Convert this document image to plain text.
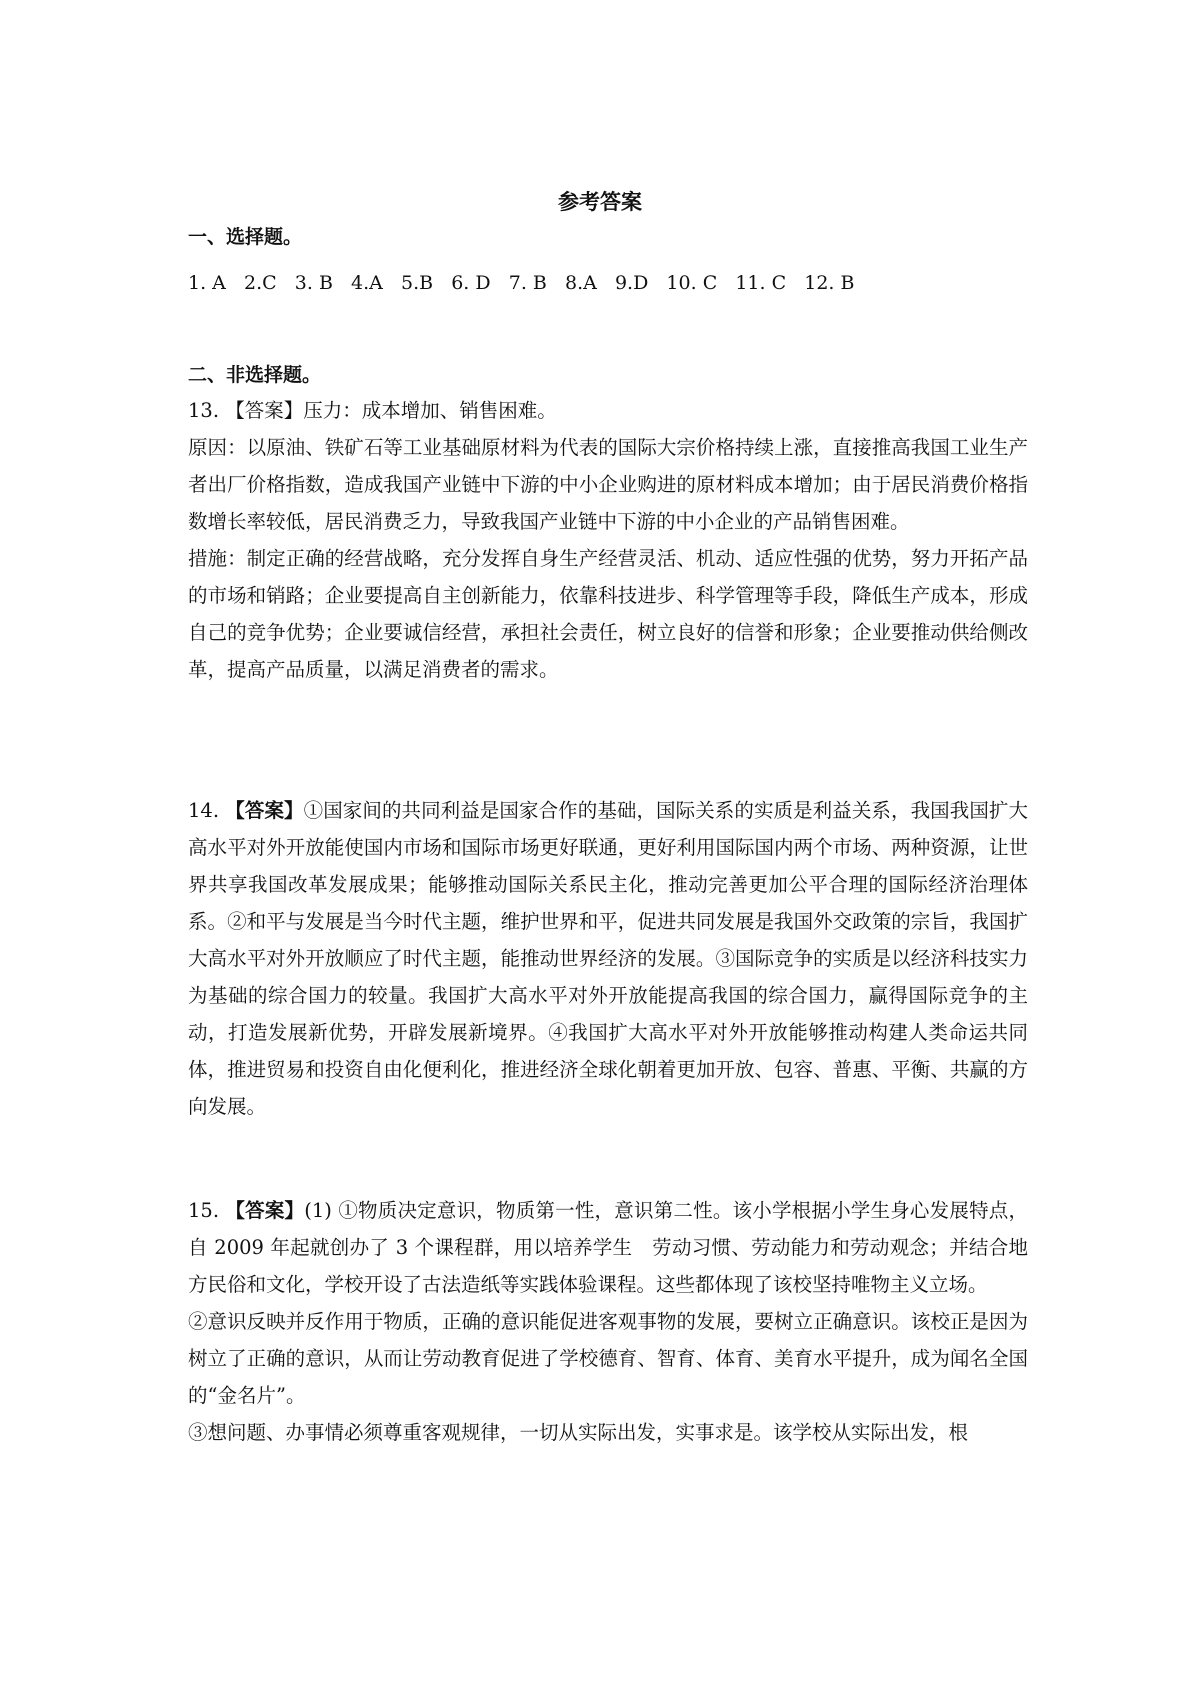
参考答案
一、选择题。
1. A   2.C   3. B   4.A   5.B   6. D   7. B   8.A   9.D   10. C   11. C   12. B
二、非选择题。

13. 【答案】压力：成本增加、销售困难。

原因：以原油、铁矿石等工业基础原材料为代表的国际大宗价格持续上涨，直接推高我国工业生产者出厂价格指数，造成我国产业链中下游的中小企业购进的原材料成本增加；由于居民消费价格指数增长率较低，居民消费乏力，导致我国产业链中下游的中小企业的产品销售困难。

措施：制定正确的经营战略，充分发挥自身生产经营灵活、机动、适应性强的优势，努力开拓产品的市场和销路；企业要提高自主创新能力，依靠科技进步、科学管理等手段，降低生产成本，形成自己的竞争优势；企业要诚信经营，承担社会责任，树立良好的信誉和形象；企业要推动供给侧改革，提高产品质量，以满足消费者的需求。

14. 【答案】①国家间的共同利益是国家合作的基础，国际关系的实质是利益关系，我国我国扩大高水平对外开放能使国内市场和国际市场更好联通，更好利用国际国内两个市场、两种资源，让世界共享我国改革发展成果；能够推动国际关系民主化，推动完善更加公平合理的国际经济治理体系。②和平与发展是当今时代主题，维护世界和平，促进共同发展是我国外交政策的宗旨，我国扩大高水平对外开放顺应了时代主题，能推动世界经济的发展。③国际竞争的实质是以经济科技实力为基础的综合国力的较量。我国扩大高水平对外开放能提高我国的综合国力，赢得国际竞争的主动，打造发展新优势，开辟发展新境界。④我国扩大高水平对外开放能够推动构建人类命运共同体，推进贸易和投资自由化便利化，推进经济全球化朝着更加开放、包容、普惠、平衡、共赢的方向发展。

15. 【答案】(1) ①物质决定意识，物质第一性，意识第二性。该小学根据小学生身心发展特点，自 2009 年起就创办了 3 个课程群，用以培养学生　劳动习惯、劳动能力和劳动观念；并结合地方民俗和文化，学校开设了古法造纸等实践体验课程。这些都体现了该校坚持唯物主义立场。

②意识反映并反作用于物质，正确的意识能促进客观事物的发展，要树立正确意识。该校正是因为树立了正确的意识，从而让劳动教育促进了学校德育、智育、体育、美育水平提升，成为闻名全国的“金名片”。

③想问题、办事情必须尊重客观规律，一切从实际出发，实事求是。该学校从实际出发，根
